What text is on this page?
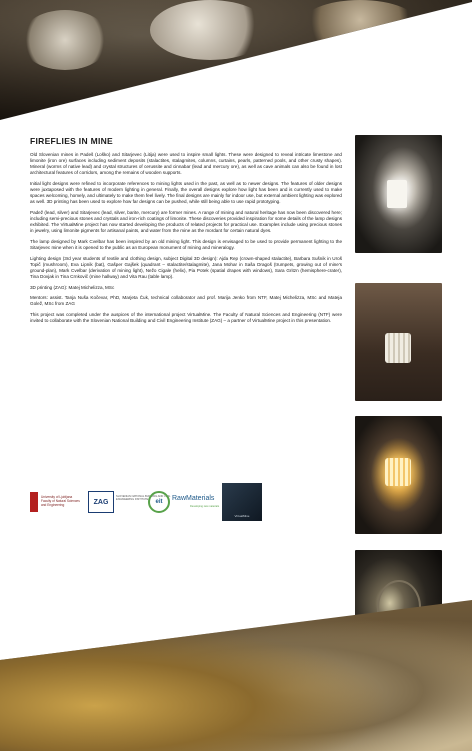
FIREFLIES IN MINE

Old Slovenian mines in Padeš (Loško) and Sitarjevec (Litija) were used to inspire small lights. These were designed to reveal intricate limestone and limonite (iron ore) surfaces including sediment deposits (stalactites, stalagmites, columns, curtains, pearls, patterned pools, and other crusty shapes). Mineral (worms of native lead) and crystal structures of cerussite and cinnabar (lead and mercury ore), as well as cave animals can also be found in lost architectural features of corridors, among the remains of wooden supports.

Initial light designs were refined to incorporate references to mining lights used in the past, as well as to newer designs. The features of older designs were juxtaposed with the features of modern lighting in general. Finally, the overall designs explore how light has been and is currently used to make spaces welcoming, homely, and ultimately to make them feel lively. The final designs are mainly for indoor use, but external ambient lighting was explored as well. 3D printing has been used to explore how far designs can be pushed, while still being able to use rapid prototyping.

Padež (lead, silver) and Sitarjevec (lead, silver, barite, mercury) are former mines. A range of mining and natural heritage has now been discovered here; including semi-precious stones and crystals and iron-rich coatings of limonite. These discoveries provided inspiration for some details of the lamp designs exhibited. The VirtualMine project has now started developing the products of related projects for practical use. Examples include using precious stones in jewelry, using limonite pigments for artisanal paints, and water from the mine as the mordant for certain natural dyes.

The lamp designed by Mark Cvelbar has been inspired by an old mining light. This design is envisaged to be used to provide permanent lighting to the Sitarjevec mine when it is opened to the public as an European monument of mining and mineralogy.

Lighting design (3rd year students of textile and clothing design, subject Digital 3D design): Ajda Rep (crown-shaped stalactite), Barbara Sušnik in Uroš Topič (mushroom), Eva Lipnik (bat), Gašper Gajšek (quadrant – stalactite/stalagmite), Jana Mohar in Saša Dragoš (trumpets, growing out of mine's ground-plan), Mark Cvelbar (derivation of mining light), Nežo Cigale (helix), Pia Potek (spatial drapes with windows), Sara Gritzn (hemisphere-crater), Tina Dovjak in Tina Crnkovič (mine hallway) and Vita Rau (table lamp).

3D printing (ZAG): Matej Michelizza, MSc

Mentors: assist. Tanja Nuša Kočevar, PhD, Marjeta Čuk, technical collaborator and prof. Marija Jenko from NTF, Matej Michelizza, MSc and Mateja Golež, MSc from ZAG

This project was completed under the auspices of the international project VirtualMine. The Faculty of Natural Sciences and Engineering (NTF) were invited to collaborate with the Slovenian National Building and Civil Engineering Institute (ZAG) – a partner of VirtualMine project in this presentation.

University of Ljubljana Faculty of Natural Sciences and Engineering	ZAG
SLOVENIAN NATIONAL BUILDING AND CIVIL ENGINEERING INSTITUTE	eit	RawMaterials
Developing raw materials
VirtualMine
